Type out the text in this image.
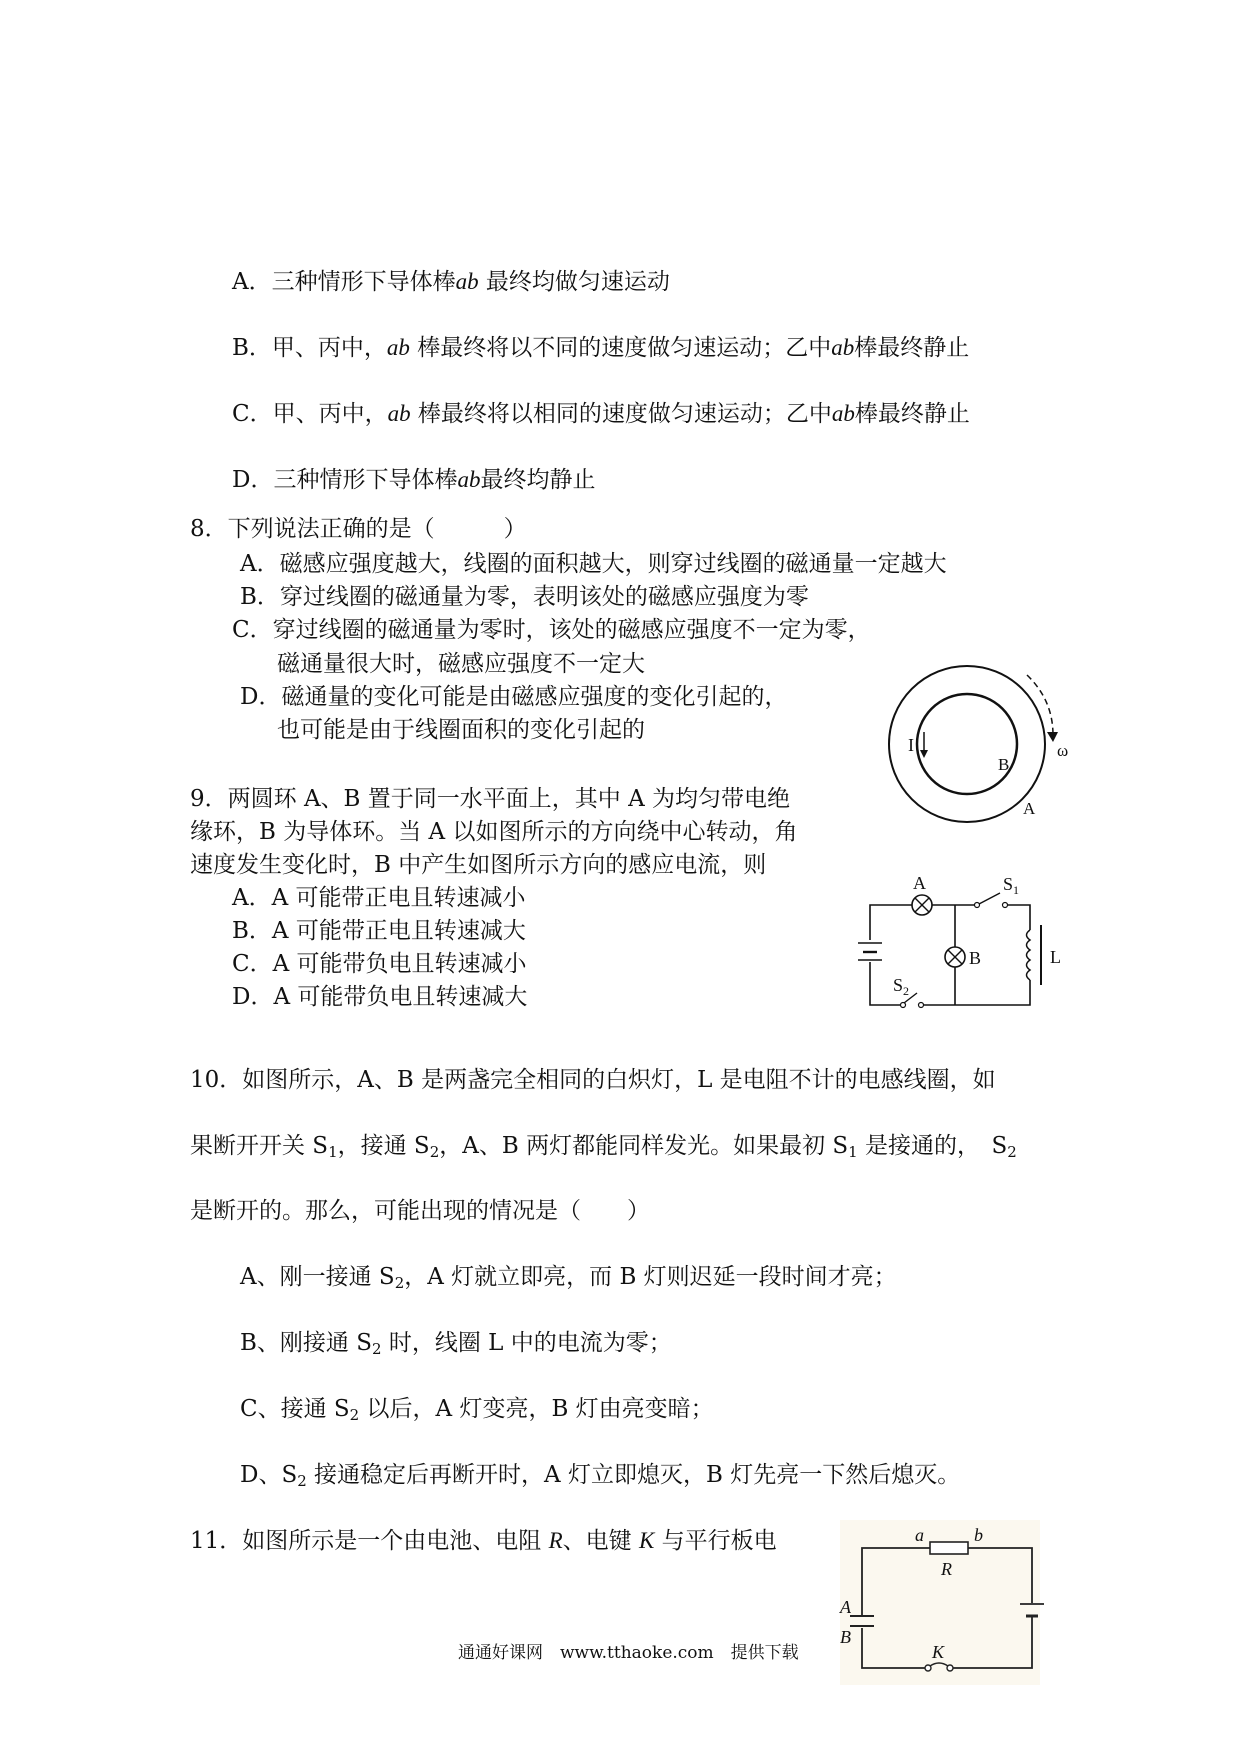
A．三种情形下导体棒ab 最终均做匀速运动
B．甲、丙中，ab 棒最终将以不同的速度做匀速运动；乙中ab棒最终静止
C．甲、丙中，ab 棒最终将以相同的速度做匀速运动；乙中ab棒最终静止
D．三种情形下导体棒ab最终均静止
8．下列说法正确的是（　　　）
A．磁感应强度越大，线圈的面积越大，则穿过线圈的磁通量一定越大
B．穿过线圈的磁通量为零，表明该处的磁感应强度为零
C．穿过线圈的磁通量为零时，该处的磁感应强度不一定为零，
磁通量很大时，磁感应强度不一定大
D．磁通量的变化可能是由磁感应强度的变化引起的，
也可能是由于线圈面积的变化引起的
9．两圆环 A、B 置于同一水平面上，其中 A 为均匀带电绝
缘环，B 为导体环。当 A 以如图所示的方向绕中心转动，角
速度发生变化时，B 中产生如图所示方向的感应电流，则
A．A 可能带正电且转速减小
B．A 可能带正电且转速减大
C．A 可能带负电且转速减小
D．A 可能带负电且转速减大
10．如图所示，A、B 是两盏完全相同的白炽灯，L 是电阻不计的电感线圈，如
果断开开关 $S_1$，接通 $S_2$，A、B 两灯都能同样发光。如果最初 $S_1$ 是接通的，　$S_2$
是断开的。那么，可能出现的情况是（　　）
A、刚一接通 $S_2$，A 灯就立即亮，而 B 灯则迟延一段时间才亮；
B、刚接通 $S_2$ 时，线圈 L 中的电流为零；
C、接通 $S_2$ 以后，A 灯变亮，B 灯由亮变暗；
D、$S_2$ 接通稳定后再断开时，A 灯立即熄灭，B 灯先亮一下然后熄灭。
11．如图所示是一个由电池、电阻 R、电键 K 与平行板电
I
B
A
ω
A
B
$S_1$
$S_2$
L
a	b
R
A
B
K
通通好课网　www.tthaoke.com　提供下载
